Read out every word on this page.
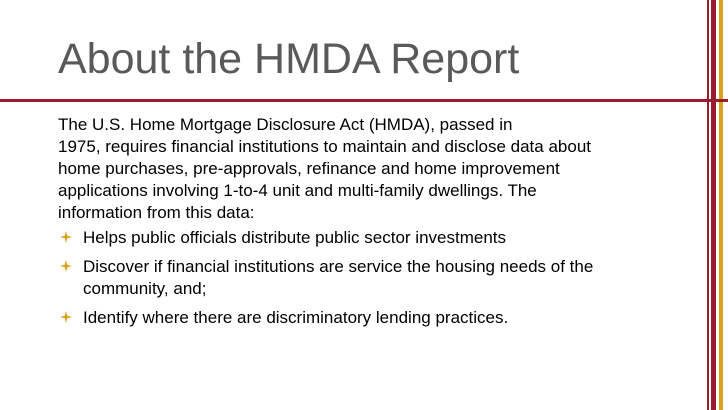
About the HMDA Report

The U.S. Home Mortgage Disclosure Act (HMDA), passed in
1975, requires financial institutions to maintain and disclose data about
home purchases, pre-approvals, refinance and home improvement
applications involving 1-to-4 unit and multi-family dwellings. The
information from this data:

Helps public officials distribute public sector investments
Discover if financial institutions are service the housing needs of the
community, and;
Identify where there are discriminatory lending practices.
